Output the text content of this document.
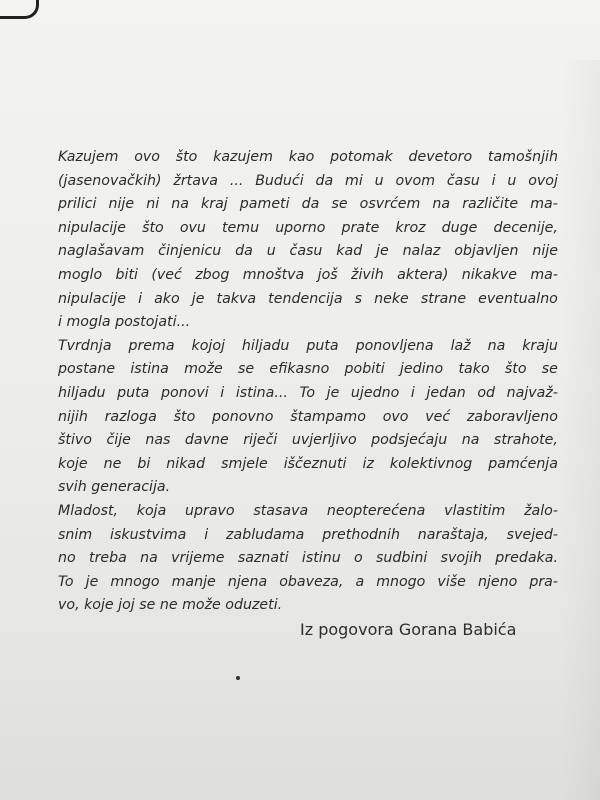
Kazujem ovo što kazujem kao potomak devetoro tamošnjih
(jasenovačkih) žrtava ... Budući da mi u ovom času i u ovoj
prilici nije ni na kraj pameti da se osvrćem na različite ma-
nipulacije što ovu temu uporno prate kroz duge decenije,
naglašavam činjenicu da u času kad je nalaz objavljen nije
moglo biti (već zbog mnoštva još živih aktera) nikakve ma-
nipulacije i ako je takva tendencija s neke strane eventualno
i mogla postojati...
Tvrdnja prema kojoj hiljadu puta ponovljena laž na kraju
postane istina može se efikasno pobiti jedino tako što se
hiljadu puta ponovi i istina... To je ujedno i jedan od najvaž-
nijih razloga što ponovno štampamo ovo već zaboravljeno
štivo čije nas davne riječi uvjerljivo podsjećaju na strahote,
koje ne bi nikad smjele iščeznuti iz kolektivnog pamćenja
svih generacija.
Mladost, koja upravo stasava neopterećena vlastitim žalo-
snim iskustvima i zabludama prethodnih naraštaja, svejed-
no treba na vrijeme saznati istinu o sudbini svojih predaka.
To je mnogo manje njena obaveza, a mnogo više njeno pra-
vo, koje joj se ne može oduzeti.
Iz pogovora Gorana Babića
